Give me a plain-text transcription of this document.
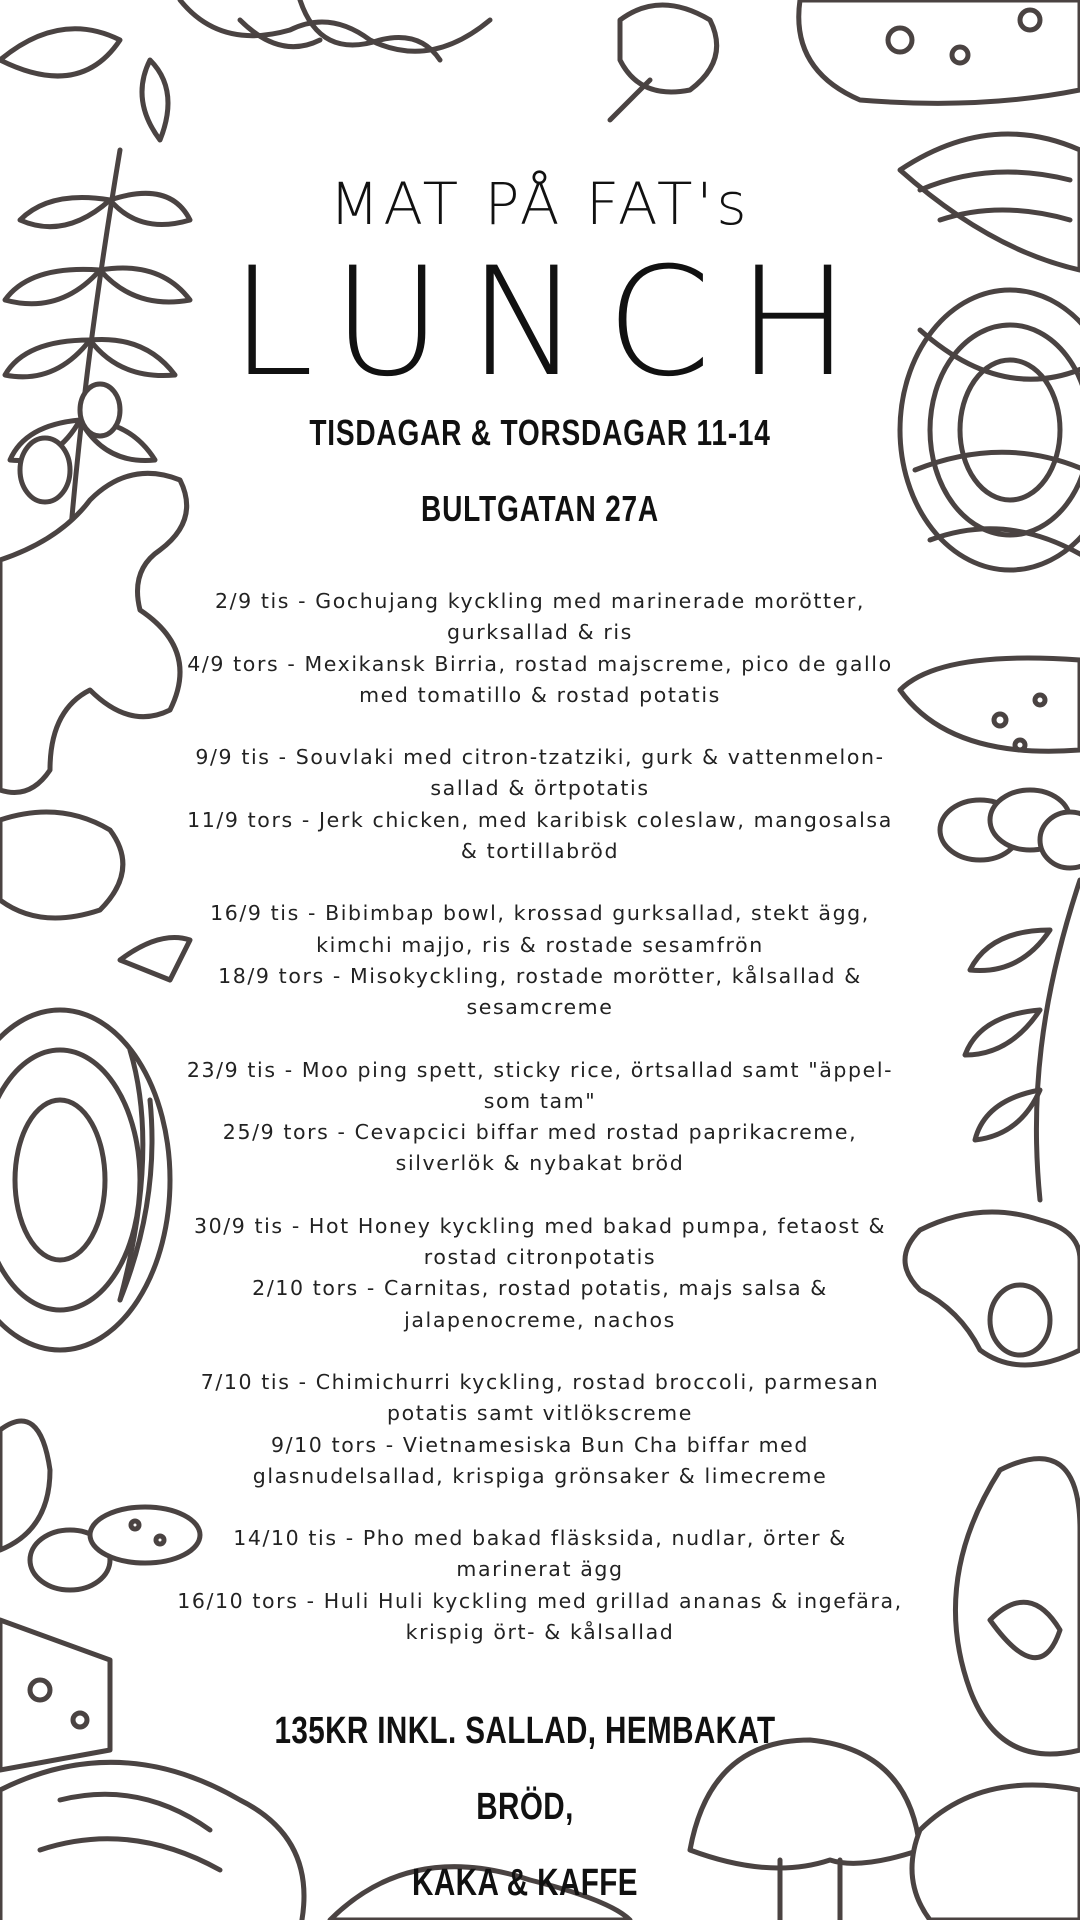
MAT PÅ FAT's
LUNCH
TISDAGAR & TORSDAGAR 11-14
BULTGATAN 27A

2/9 tis - Gochujang kyckling med marinerade morötter, gurksallad & ris

4/9 tors - Mexikansk Birria, rostad majscreme, pico de gallo med tomatillo & rostad potatis

9/9 tis - Souvlaki med citron-tzatziki, gurk & vattenmelon-sallad & örtpotatis

11/9 tors - Jerk chicken, med karibisk coleslaw, mangosalsa & tortillabröd

16/9 tis - Bibimbap bowl, krossad gurksallad, stekt ägg, kimchi majjo, ris & rostade sesamfrön

18/9 tors - Misokyckling, rostade morötter, kålsallad & sesamcreme

23/9 tis - Moo ping spett, sticky rice, örtsallad samt "äppel-som tam"

25/9 tors - Cevapcici biffar med rostad paprikacreme, silverlök & nybakat bröd

30/9 tis - Hot Honey kyckling med bakad pumpa, fetaost & rostad citronpotatis

2/10 tors - Carnitas, rostad potatis, majs salsa & jalapenocreme, nachos

7/10 tis - Chimichurri kyckling, rostad broccoli, parmesan potatis samt vitlökscreme

9/10 tors - Vietnamesiska Bun Cha biffar med glasnudelsallad, krispiga grönsaker & limecreme

14/10 tis - Pho med bakad fläsksida, nudlar, örter & marinerat ägg

16/10 tors - Huli Huli kyckling med grillad ananas & ingefära, krispig ört- & kålsallad

135KR INKL. SALLAD, HEMBAKAT BRÖD,
KAKA & KAFFE
